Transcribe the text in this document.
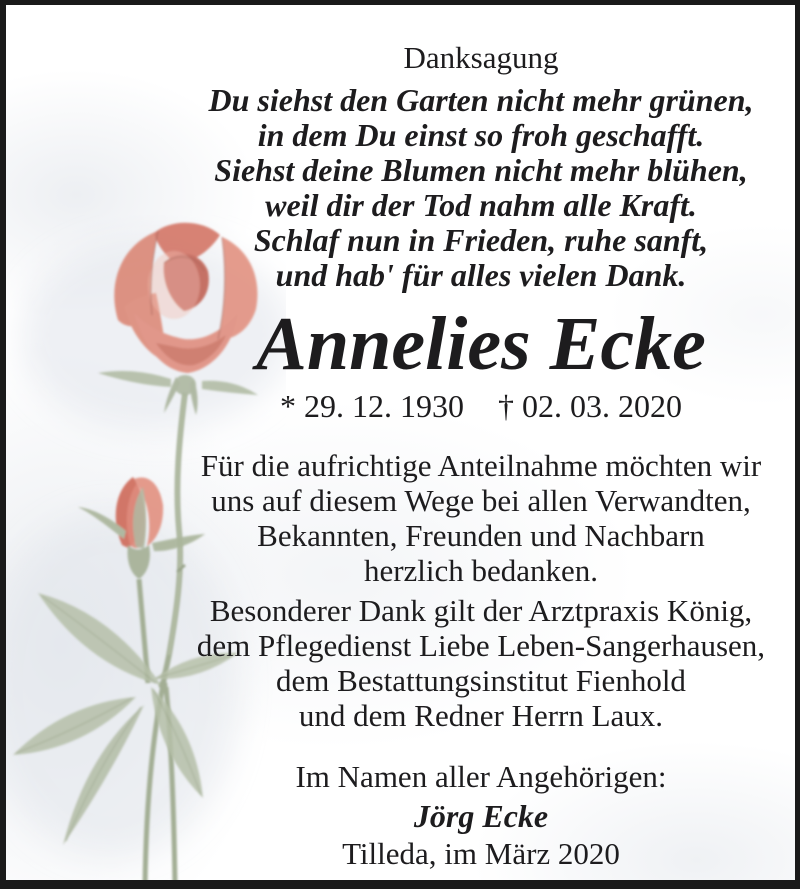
Danksagung
Du siehst den Garten nicht mehr grünen,
in dem Du einst so froh geschafft.
Siehst deine Blumen nicht mehr blühen,
weil dir der Tod nahm alle Kraft.
Schlaf nun in Frieden, ruhe sanft,
und hab' für alles vielen Dank.
Annelies Ecke
* 29. 12. 1930 † 02. 03. 2020
Für die aufrichtige Anteilnahme möchten wir
uns auf diesem Wege bei allen Verwandten,
Bekannten, Freunden und Nachbarn
herzlich bedanken.
Besonderer Dank gilt der Arztpraxis König,
dem Pflegedienst Liebe Leben-Sangerhausen,
dem Bestattungsinstitut Fienhold
und dem Redner Herrn Laux.
Im Namen aller Angehörigen:
Jörg Ecke
Tilleda, im März 2020
